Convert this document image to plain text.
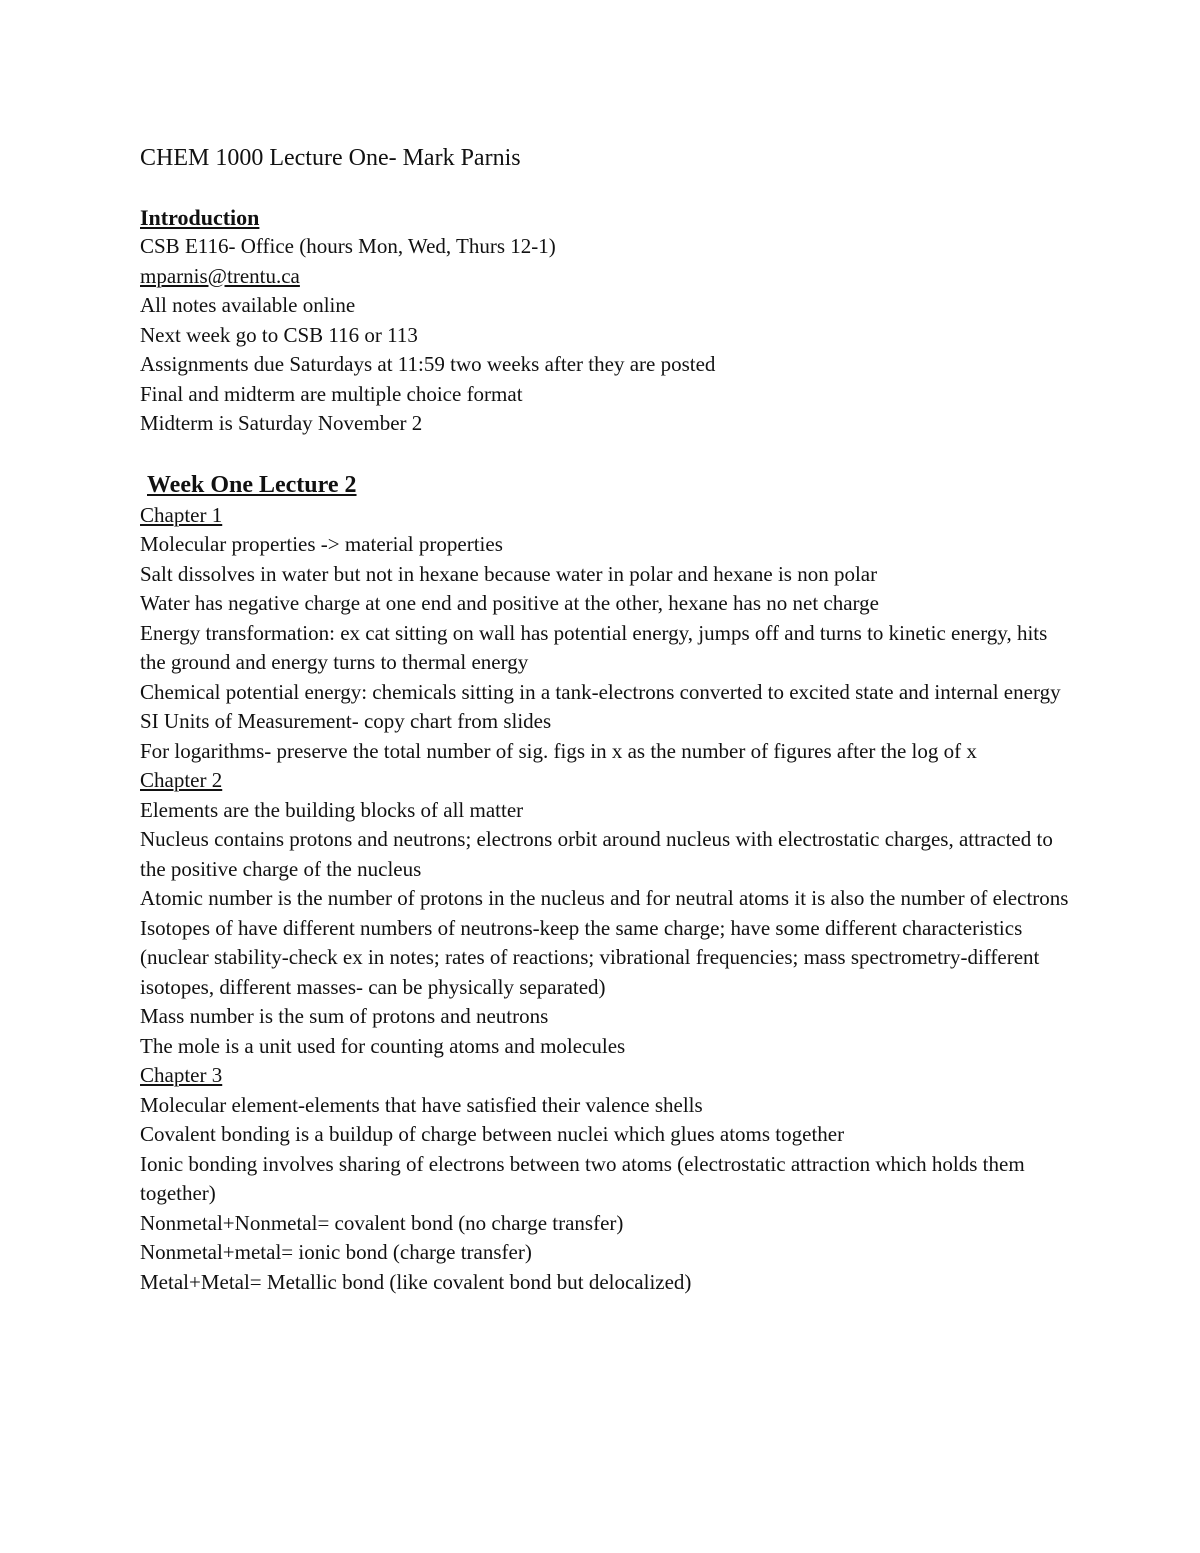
CHEM 1000 Lecture One- Mark Parnis
Introduction

CSB E116- Office (hours Mon, Wed, Thurs 12-1)

mparnis@trentu.ca

All notes available online

Next week go to CSB 116 or 113

Assignments due Saturdays at 11:59 two weeks after they are posted

Final and midterm are multiple choice format

Midterm is Saturday November 2

Week One Lecture 2

Chapter 1

Molecular properties -> material properties

Salt dissolves in water but not in hexane because water in polar and hexane is non polar

Water has negative charge at one end and positive at the other, hexane has no net charge

Energy transformation: ex cat sitting on wall has potential energy, jumps off and turns to kinetic energy, hits the ground and energy turns to thermal energy

Chemical potential energy: chemicals sitting in a tank-electrons converted to excited state and internal energy

SI Units of Measurement- copy chart from slides

For logarithms- preserve the total number of sig. figs in x as the number of figures after the log of x

Chapter 2

Elements are the building blocks of all matter

Nucleus contains protons and neutrons; electrons orbit around nucleus with electrostatic charges, attracted to the positive charge of the nucleus

Atomic number is the number of protons in the nucleus and for neutral atoms it is also the number of electrons

Isotopes of have different numbers of neutrons-keep the same charge; have some different characteristics (nuclear stability-check ex in notes; rates of reactions; vibrational frequencies; mass spectrometry-different isotopes, different masses- can be physically separated)

Mass number is the sum of protons and neutrons

The mole is a unit used for counting atoms and molecules

Chapter 3

Molecular element-elements that have satisfied their valence shells

Covalent bonding is a buildup of charge between nuclei which glues atoms together

Ionic bonding involves sharing of electrons between two atoms (electrostatic attraction which holds them together)

Nonmetal+Nonmetal= covalent bond (no charge transfer)

Nonmetal+metal= ionic bond (charge transfer)

Metal+Metal= Metallic bond (like covalent bond but delocalized)
